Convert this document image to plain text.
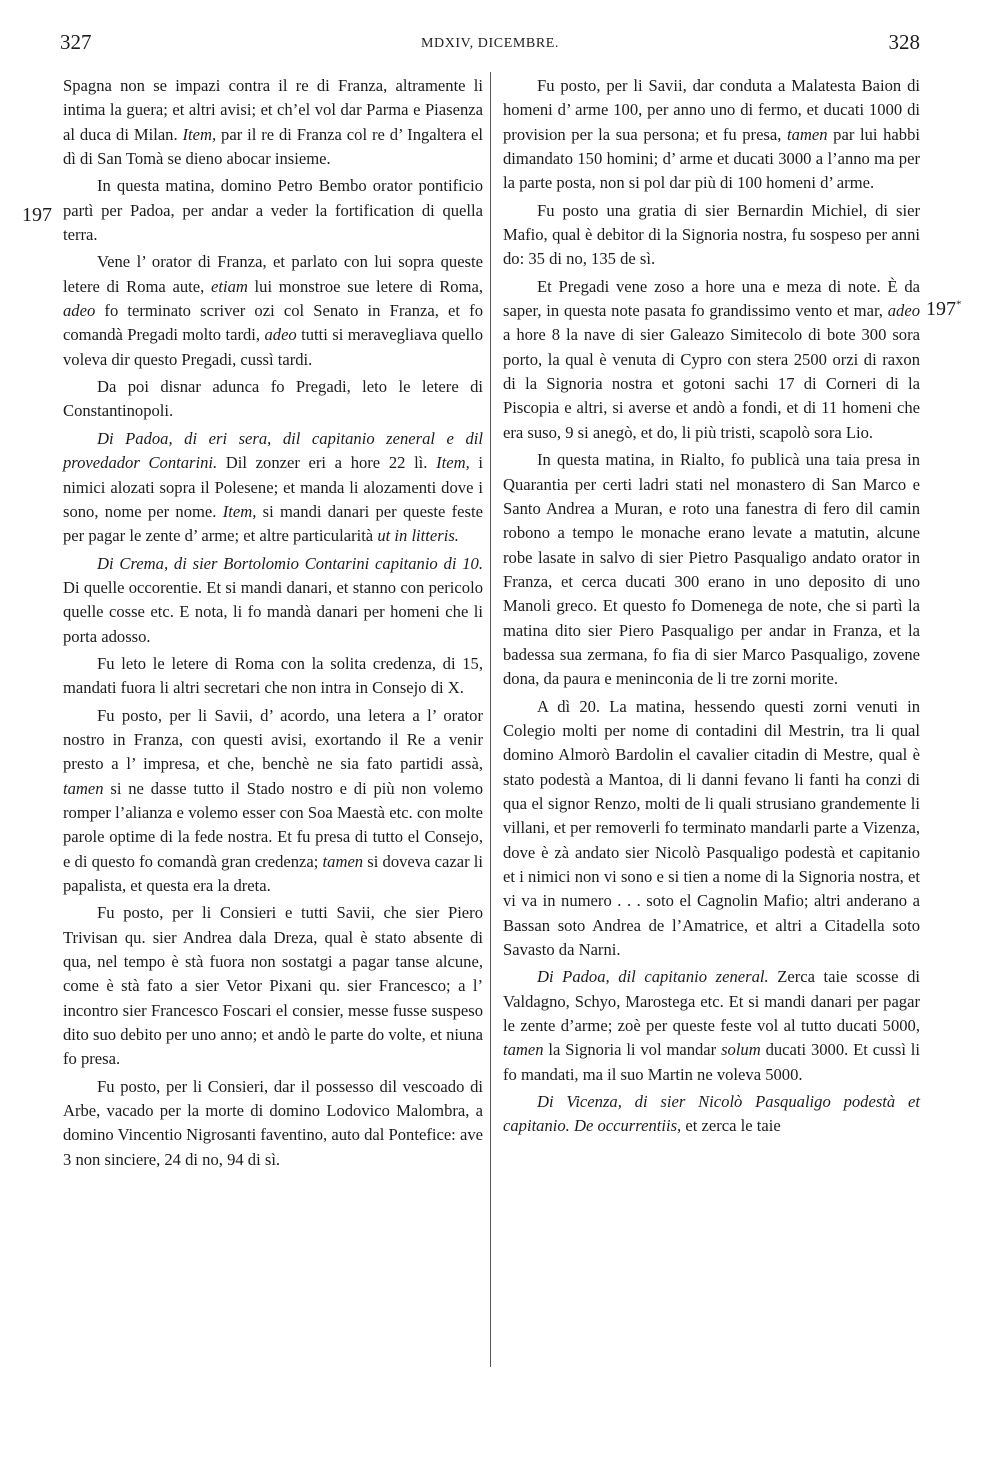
327	MDXIV, DICEMBRE.	328
197
197*

Spagna non se impazi contra il re di Franza, altramente li intima la guera; et altri avisi; et ch’el vol dar Parma e Piasenza al duca di Milan. Item, par il re di Franza col re d’ Ingaltera el dì di San Tomà se dieno abocar insieme.

In questa matina, domino Petro Bembo orator pontificio partì per Padoa, per andar a veder la fortification di quella terra.

Vene l’ orator di Franza, et parlato con lui sopra queste letere di Roma aute, etiam lui monstroe sue letere di Roma, adeo fo terminato scriver ozi col Senato in Franza, et fo comandà Pregadi molto tardi, adeo tutti si meravegliava quello voleva dir questo Pregadi, cussì tardi.

Da poi disnar adunca fo Pregadi, leto le letere di Constantinopoli.

Di Padoa, di eri sera, dil capitanio zeneral e dil provedador Contarini. Dil zonzer eri a hore 22 lì. Item, i nimici alozati sopra il Polesene; et manda li alozamenti dove i sono, nome per nome. Item, si mandi danari per queste feste per pagar le zente d’ arme; et altre particularità ut in litteris.

Di Crema, di sier Bortolomio Contarini capitanio di 10. Di quelle occorentie. Et si mandi danari, et stanno con pericolo quelle cosse etc. E nota, li fo mandà danari per homeni che li porta adosso.

Fu leto le letere di Roma con la solita credenza, di 15, mandati fuora li altri secretari che non intra in Consejo di X.

Fu posto, per li Savii, d’ acordo, una letera a l’ orator nostro in Franza, con questi avisi, exortando il Re a venir presto a l’ impresa, et che, benchè ne sia fato partidi assà, tamen si ne dasse tutto il Stado nostro e di più non volemo romper l’alianza e volemo esser con Soa Maestà etc. con molte parole optime di la fede nostra. Et fu presa di tutto el Consejo, e di questo fo comandà gran credenza; tamen si doveva cazar li papalista, et questa era la dreta.

Fu posto, per li Consieri e tutti Savii, che sier Piero Trivisan qu. sier Andrea dala Dreza, qual è stato absente di qua, nel tempo è stà fuora non sostatgi a pagar tanse alcune, come è stà fato a sier Vetor Pixani qu. sier Francesco; a l’ incontro sier Francesco Foscari el consier, messe fusse suspeso dito suo debito per uno anno; et andò le parte do volte, et niuna fo presa.

Fu posto, per li Consieri, dar il possesso dil vescoado di Arbe, vacado per la morte di domino Lodovico Malombra, a domino Vincentio Nigrosanti faventino, auto dal Pontefice: ave 3 non sinciere, 24 di no, 94 di sì.

Fu posto, per li Savii, dar conduta a Malatesta Baion di homeni d’ arme 100, per anno uno di fermo, et ducati 1000 di provision per la sua persona; et fu presa, tamen par lui habbi dimandato 150 homini; d’ arme et ducati 3000 a l’anno ma per la parte posta, non si pol dar più di 100 homeni d’ arme.

Fu posto una gratia di sier Bernardin Michiel, di sier Mafio, qual è debitor di la Signoria nostra, fu sospeso per anni do: 35 di no, 135 de sì.

Et Pregadi vene zoso a hore una e meza di note. È da saper, in questa note pasata fo grandissimo vento et mar, adeo a hore 8 la nave di sier Galeazo Simitecolo di bote 300 sora porto, la qual è venuta di Cypro con stera 2500 orzi di raxon di la Signoria nostra et gotoni sachi 17 di Corneri di la Piscopia e altri, si averse et andò a fondi, et di 11 homeni che era suso, 9 si anegò, et do, li più tristi, scapolò sora Lio.

In questa matina, in Rialto, fo publicà una taia presa in Quarantia per certi ladri stati nel monastero di San Marco e Santo Andrea a Muran, e roto una fanestra di fero dil camin robono a tempo le monache erano levate a matutin, alcune robe lasate in salvo di sier Pietro Pasqualigo andato orator in Franza, et cerca ducati 300 erano in uno deposito di uno Manoli greco. Et questo fo Domenega de note, che si partì la matina dito sier Piero Pasqualigo per andar in Franza, et la badessa sua zermana, fo fia di sier Marco Pasqualigo, zovene dona, da paura e meninconia de li tre zorni morite.

A dì 20. La matina, hessendo questi zorni venuti in Colegio molti per nome di contadini dil Mestrin, tra li qual domino Almorò Bardolin el cavalier citadin di Mestre, qual è stato podestà a Mantoa, di li danni fevano li fanti ha conzi di qua el signor Renzo, molti de li quali strusiano grandemente li villani, et per removerli fo terminato mandarli parte a Vizenza, dove è zà andato sier Nicolò Pasqualigo podestà et capitanio et i nimici non vi sono e si tien a nome di la Signoria nostra, et vi va in numero . . . soto el Cagnolin Mafio; altri anderano a Bassan soto Andrea de l’Amatrice, et altri a Citadella soto Savasto da Narni.

Di Padoa, dil capitanio zeneral. Zerca taie scosse di Valdagno, Schyo, Marostega etc. Et si mandi danari per pagar le zente d’arme; zoè per queste feste vol al tutto ducati 5000, tamen la Signoria li vol mandar solum ducati 3000. Et cussì li fo mandati, ma il suo Martin ne voleva 5000.

Di Vicenza, di sier Nicolò Pasqualigo podestà et capitanio. De occurrentiis, et zerca le taie
